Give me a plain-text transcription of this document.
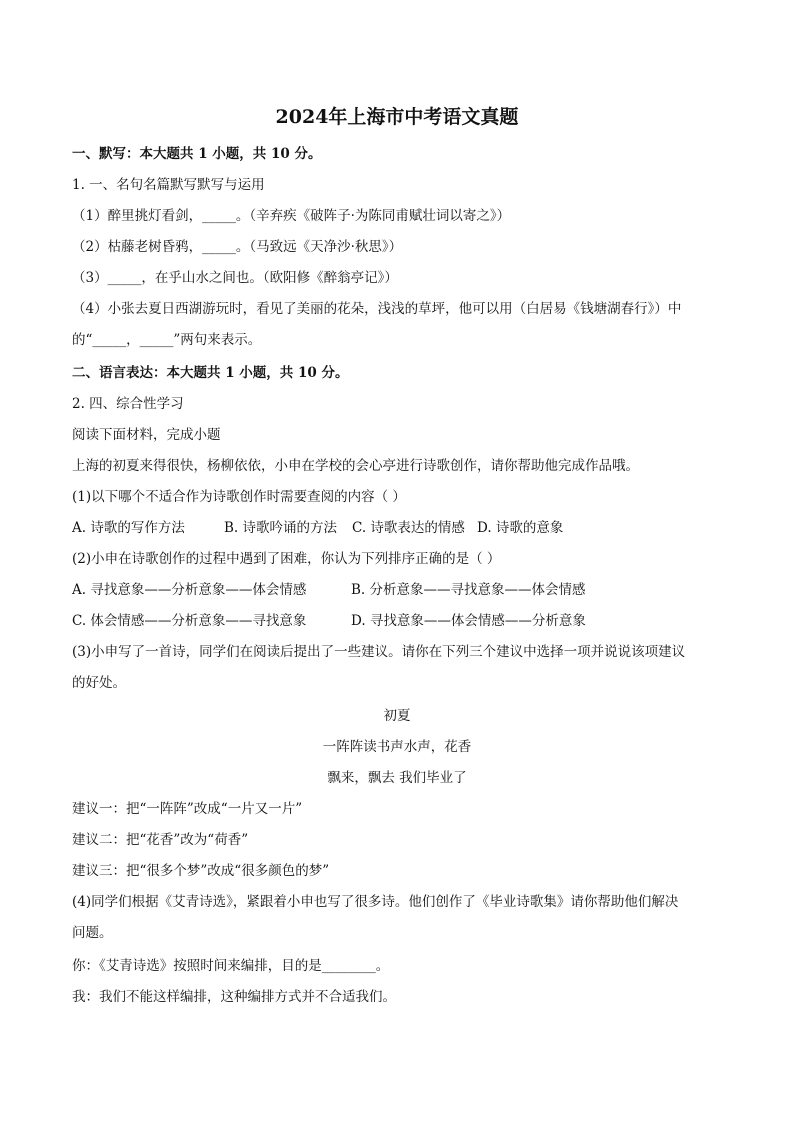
2024年上海市中考语文真题
一、默写：本大题共 1 小题，共 10 分。
1. 一、名句名篇默写默写与运用
（1）醉里挑灯看剑，_____。（辛弃疾《破阵子·为陈同甫赋壮词以寄之》）
（2）枯藤老树昏鸦，_____。（马致远《天净沙·秋思》）
（3）_____，在乎山水之间也。（欧阳修《醉翁亭记》）
（4）小张去夏日西湖游玩时，看见了美丽的花朵，浅浅的草坪，他可以用（白居易《钱塘湖春行》）中
的“_____，_____”两句来表示。
二、语言表达：本大题共 1 小题，共 10 分。
2. 四、综合性学习
阅读下面材料，完成小题
上海的初夏来得很快，杨柳依依，小申在学校的会心亭进行诗歌创作，请你帮助他完成作品哦。
(1)以下哪个不适合作为诗歌创作时需要查阅的内容（ ）
A. 诗歌的写作方法	B. 诗歌吟诵的方法 C. 诗歌表达的情感 D. 诗歌的意象
(2)小申在诗歌创作的过程中遇到了困难，你认为下列排序正确的是（ ）
A. 寻找意象——分析意象——体会情感	B. 分析意象——寻找意象——体会情感
C. 体会情感——分析意象——寻找意象	D. 寻找意象——体会情感——分析意象
(3)小申写了一首诗，同学们在阅读后提出了一些建议。请你在下列三个建议中选择一项并说说该项建议
的好处。
初夏
一阵阵读书声水声，花香
飘来，飘去 我们毕业了
建议一：把“一阵阵”改成“一片又一片”
建议二：把“花香”改为“荷香”
建议三：把“很多个梦”改成“很多颜色的梦”
(4)同学们根据《艾青诗选》，紧跟着小申也写了很多诗。他们创作了《毕业诗歌集》请你帮助他们解决
问题。
你：《艾青诗选》按照时间来编排，目的是________。
我：我们不能这样编排，这种编排方式并不合适我们。
